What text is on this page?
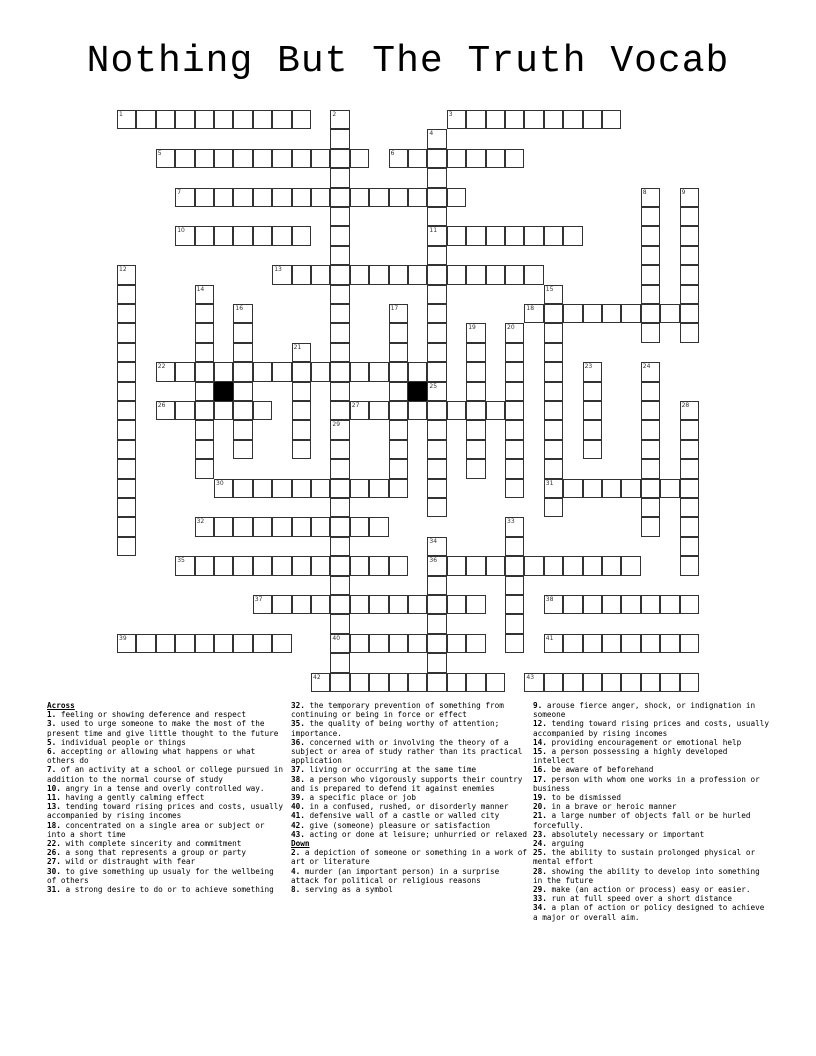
Nothing But The Truth Vocab
1	2
29
3
4
11
5	6
7	8	9
10
12	13
14	15
31
16	17	18
19	20
21
22	23	24
25
26	27	28
40
30
32	33
34
36
35
37	38
39	41
42	43
Across
1. feeling or showing deference and respect
3. used to urge someone to make the most of the present time and give little thought to the future
5. individual people or things
6. accepting or allowing what happens or what others do
7. of an activity at a school or college pursued in addition to the normal course of study
10. angry in a tense and overly controlled way.
11. having a gently calming effect
13. tending toward rising prices and costs, usually accompanied by rising incomes
18. concentrated on a single area or subject or into a short time
22. with complete sincerity and commitment
26. a song that represents a group or party
27. wild or distraught with fear
30. to give something up usualy for the wellbeing of others
31. a strong desire to do or to achieve something
32. the temporary prevention of something from continuing or being in force or effect
35. the quality of being worthy of attention; importance.
36. concerned with or involving the theory of a subject or area of study rather than its practical application
37. living or occurring at the same time
38. a person who vigorously supports their country and is prepared to defend it against enemies
39. a specific place or job
40. in a confused, rushed, or disorderly manner
41. defensive wall of a castle or walled city
42. give (someone) pleasure or satisfaction
43. acting or done at leisure; unhurried or relaxed
Down
2. a depiction of someone or something in a work of art or literature
4. murder (an important person) in a surprise attack for political or religious reasons
8. serving as a symbol
9. arouse fierce anger, shock, or indignation in someone
12. tending toward rising prices and costs, usually accompanied by rising incomes
14. providing encouragement or emotional help
15. a person possessing a highly developed intellect
16. be aware of beforehand
17. person with whom one works in a profession or business
19. to be dismissed
20. in a brave or heroic manner
21. a large number of objects fall or be hurled forcefully.
23. absolutely necessary or important
24. arguing
25. the ability to sustain prolonged physical or mental effort
28. showing the ability to develop into something in the future
29. make (an action or process) easy or easier.
33. run at full speed over a short distance
34. a plan of action or policy designed to achieve a major or overall aim.
